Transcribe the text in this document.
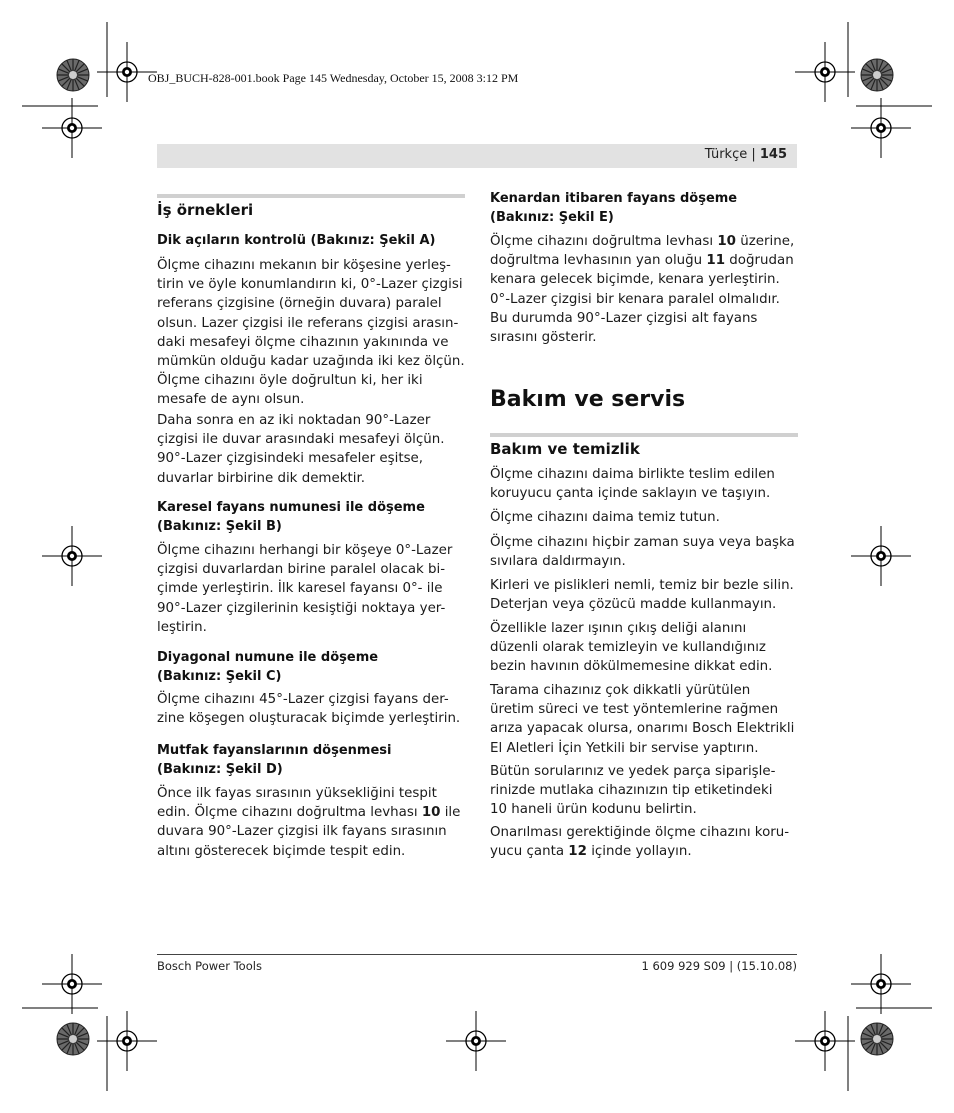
OBJ_BUCH-828-001.book Page 145 Wednesday, October 15, 2008 3:12 PM
Türkçe | 145
İş örnekleri
Dik açıların kontrolü (Bakınız: Şekil A)
Ölçme cihazını mekanın bir köşesine yerleş-
tirin ve öyle konumlandırın ki, 0°-Lazer çizgisi
referans çizgisine (örneğin duvara) paralel
olsun. Lazer çizgisi ile referans çizgisi arasın-
daki mesafeyi ölçme cihazının yakınında ve
mümkün olduğu kadar uzağında iki kez ölçün.
Ölçme cihazını öyle doğrultun ki, her iki
mesafe de aynı olsun.
Daha sonra en az iki noktadan 90°-Lazer
çizgisi ile duvar arasındaki mesafeyi ölçün.
90°-Lazer çizgisindeki mesafeler eşitse,
duvarlar birbirine dik demektir.
Karesel fayans numunesi ile döşeme
(Bakınız: Şekil B)
Ölçme cihazını herhangi bir köşeye 0°-Lazer
çizgisi duvarlardan birine paralel olacak bi-
çimde yerleştirin. İlk karesel fayansı 0°- ile
90°-Lazer çizgilerinin kesiştiği noktaya yer-
leştirin.
Diyagonal numune ile döşeme
(Bakınız: Şekil C)
Ölçme cihazını 45°-Lazer çizgisi fayans der-
zine köşegen oluşturacak biçimde yerleştirin.
Mutfak fayanslarının döşenmesi
(Bakınız: Şekil D)
Önce ilk fayas sırasının yüksekliğini tespit
edin. Ölçme cihazını doğrultma levhası 10 ile
duvara 90°-Lazer çizgisi ilk fayans sırasının
altını gösterecek biçimde tespit edin.
Kenardan itibaren fayans döşeme
(Bakınız: Şekil E)
Ölçme cihazını doğrultma levhası 10 üzerine,
doğrultma levhasının yan oluğu 11 doğrudan
kenara gelecek biçimde, kenara yerleştirin.
0°-Lazer çizgisi bir kenara paralel olmalıdır.
Bu durumda 90°-Lazer çizgisi alt fayans
sırasını gösterir.
Bakım ve servis
Bakım ve temizlik
Ölçme cihazını daima birlikte teslim edilen
koruyucu çanta içinde saklayın ve taşıyın.
Ölçme cihazını daima temiz tutun.
Ölçme cihazını hiçbir zaman suya veya başka
sıvılara daldırmayın.
Kirleri ve pislikleri nemli, temiz bir bezle silin.
Deterjan veya çözücü madde kullanmayın.
Özellikle lazer ışının çıkış deliği alanını
düzenli olarak temizleyin ve kullandığınız
bezin havının dökülmemesine dikkat edin.
Tarama cihazınız çok dikkatli yürütülen
üretim süreci ve test yöntemlerine rağmen
arıza yapacak olursa, onarımı Bosch Elektrikli
El Aletleri İçin Yetkili bir servise yaptırın.
Bütün sorularınız ve yedek parça siparişle-
rinizde mutlaka cihazınızın tip etiketindeki
10 haneli ürün kodunu belirtin.
Onarılması gerektiğinde ölçme cihazını koru-
yucu çanta 12 içinde yollayın.
Bosch Power Tools	1 609 929 S09 | (15.10.08)
